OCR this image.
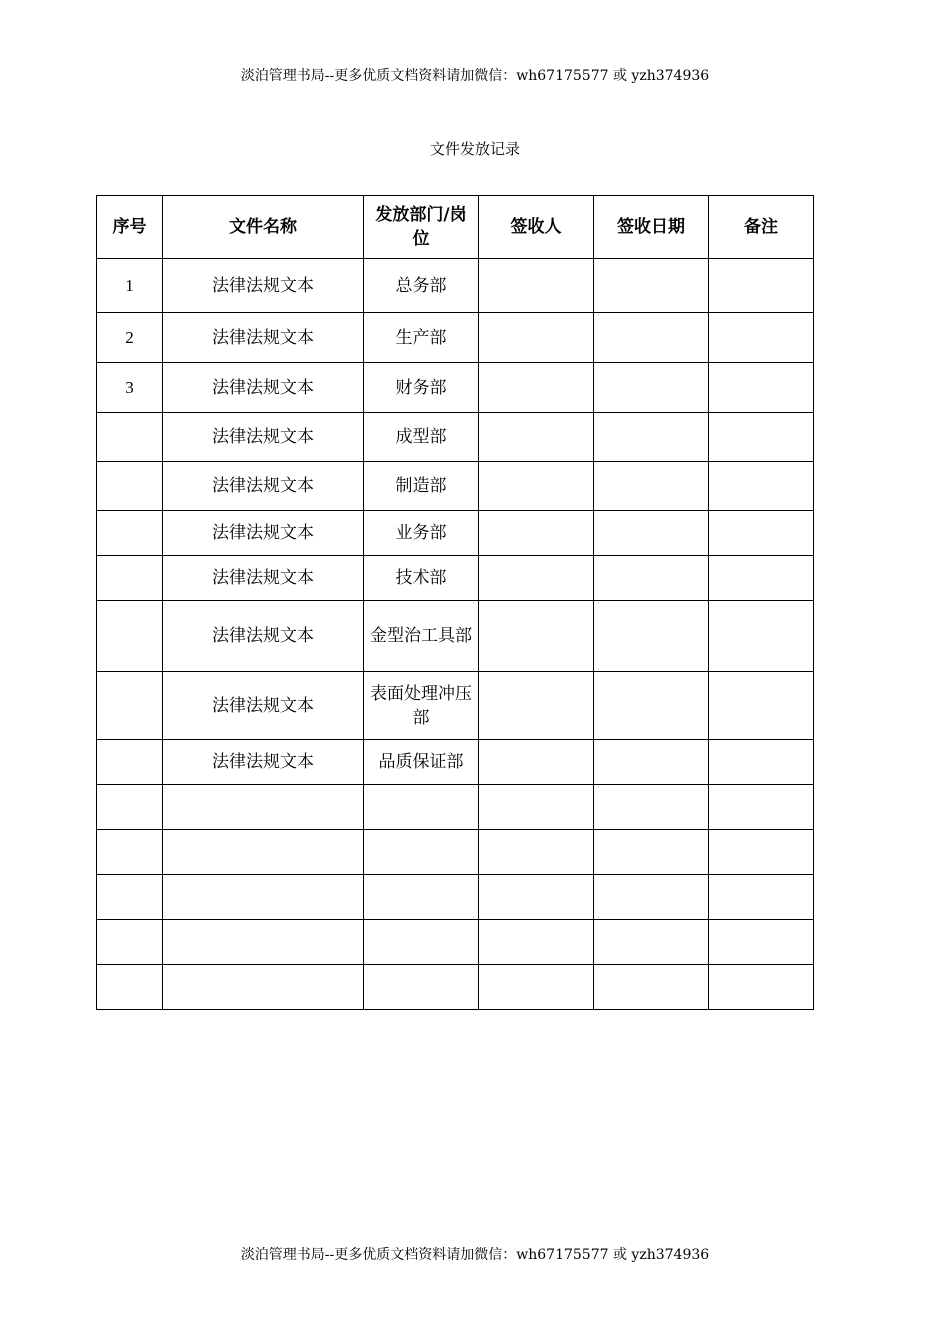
淡泊管理书局--更多优质文档资料请加微信：wh67175577 或 yzh374936
文件发放记录
序号	文件名称	发放部门/岗位	签收人	签收日期	备注
1	法律法规文本	总务部			
2	法律法规文本	生产部			
3	法律法规文本	财务部			
	法律法规文本	成型部			
	法律法规文本	制造部			
	法律法规文本	业务部			
	法律法规文本	技术部			
	法律法规文本	金型治工具部			
	法律法规文本	表面处理冲压部			
	法律法规文本	品质保证部			

淡泊管理书局--更多优质文档资料请加微信：wh67175577 或 yzh374936
